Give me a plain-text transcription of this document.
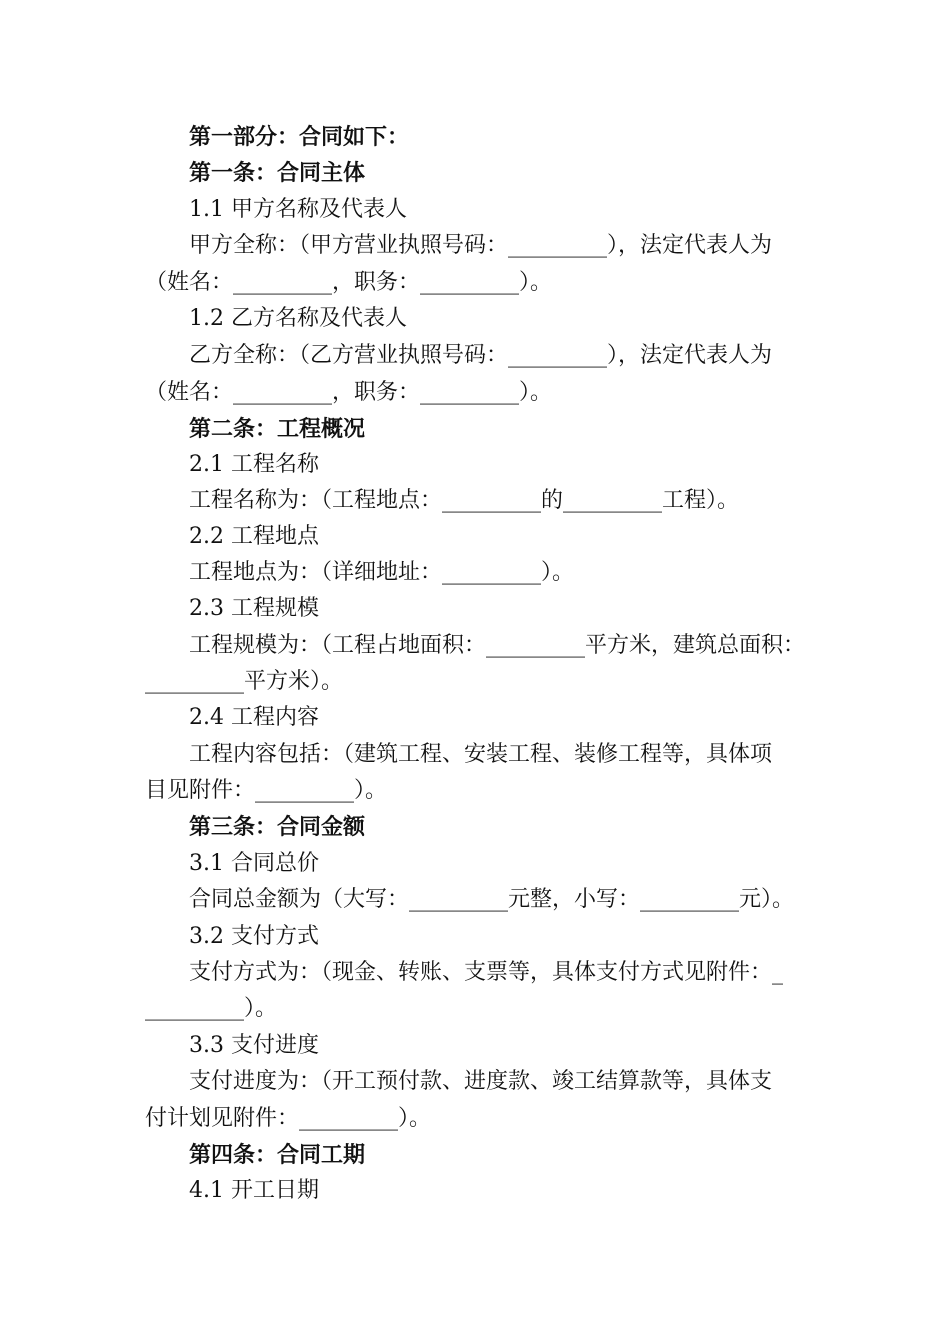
第一部分：合同如下：
第一条：合同主体
1.1 甲方名称及代表人
甲方全称：（甲方营业执照号码：_________），法定代表人为
（姓名：_________，职务：_________）。
1.2 乙方名称及代表人
乙方全称：（乙方营业执照号码：_________），法定代表人为
（姓名：_________，职务：_________）。
第二条：工程概况
2.1 工程名称
工程名称为：（工程地点：_________的_________工程）。
2.2 工程地点
工程地点为：（详细地址：_________）。
2.3 工程规模
工程规模为：（工程占地面积：_________平方米，建筑总面积：
_________平方米）。
2.4 工程内容
工程内容包括：（建筑工程、安装工程、装修工程等，具体项
目见附件：_________）。
第三条：合同金额
3.1 合同总价
合同总金额为（大写：_________元整，小写：_________元）。
3.2 支付方式
支付方式为：（现金、转账、支票等，具体支付方式见附件：_
_________）。
3.3 支付进度
支付进度为：（开工预付款、进度款、竣工结算款等，具体支
付计划见附件：_________）。
第四条：合同工期
4.1 开工日期
